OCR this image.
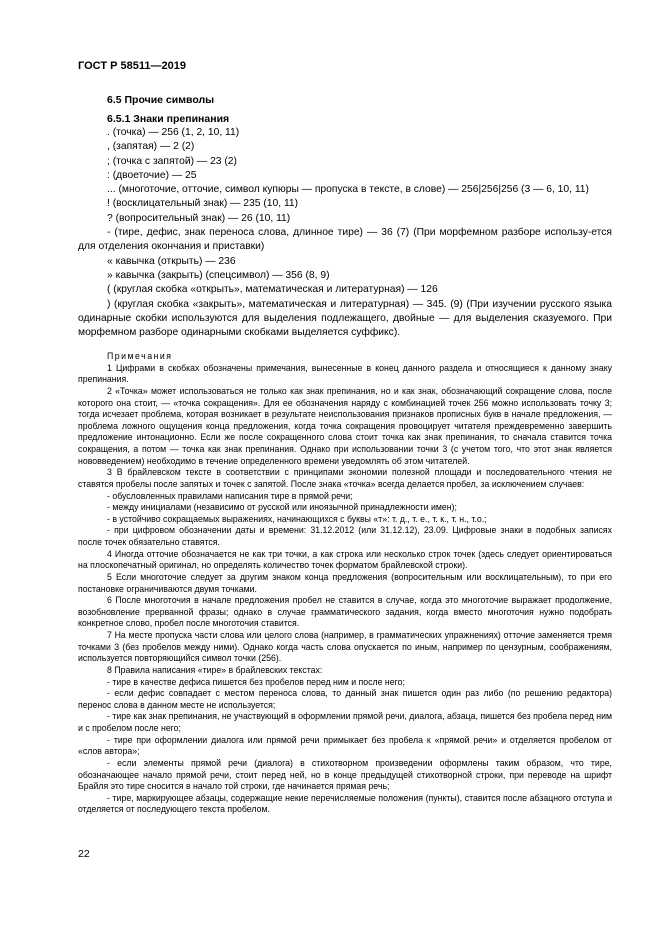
ГОСТ Р 58511—2019
6.5 Прочие символы
6.5.1 Знаки препинания

. (точка) — 256 (1, 2, 10, 11)

, (запятая) — 2 (2)

; (точка с запятой) — 23 (2)

: (двоеточие) — 25

... (многоточие, отточие, символ купюры — пропуска в тексте, в слове) — 256|256|256 (3 — 6, 10, 11)

! (восклицательный знак) — 235 (10, 11)

? (вопросительный знак) — 26 (10, 11)

- (тире, дефис, знак переноса слова, длинное тире) — 36 (7) (При морфемном разборе использу-ется для отделения окончания и приставки)

« кавычка (открыть) — 236

» кавычка (закрыть) (спецсимвол) — 356 (8, 9)

( (круглая скобка «открыть», математическая и литературная) — 126

) (круглая скобка «закрыть», математическая и литературная) — 345. (9) (При изучении русского языка одинарные скобки используются для выделения подлежащего, двойные — для выделения сказуемого. При морфемном разборе одинарными скобками выделяется суффикс).

Примечания

1 Цифрами в скобках обозначены примечания, вынесенные в конец данного раздела и относящиеся к данному знаку препинания.

2 «Точка» может использоваться не только как знак препинания, но и как знак, обозначающий сокращение слова, после которого она стоит, — «точка сокращения». Для ее обозначения наряду с комбинацией точек 256 можно использовать точку 3; тогда исчезает проблема, которая возникает в результате неиспользования признаков прописных букв в начале предложения, — проблема ложного ощущения конца предложения, когда точка сокращения провоцирует читателя преждевременно завершить предложение интонационно. Если же после сокращенного слова стоит точка как знак препинания, то сначала ставится точка сокращения, а потом — точка как знак препинания. Однако при использовании точки 3 (с учетом того, что этот знак является нововведением) необходимо в течение определенного времени уведомлять об этом читателей.

3 В брайлевском тексте в соответствии с принципами экономии полезной площади и последовательного чтения не ставятся пробелы после запятых и точек с запятой. После знака «точка» всегда делается пробел, за исключением случаев:

- обусловленных правилами написания тире в прямой речи;

- между инициалами (независимо от русской или иноязычной принадлежности имен);

- в устойчиво сокращаемых выражениях, начинающихся с буквы «т»: т. д., т. е., т. к., т. н., т.о.;

- при цифровом обозначении даты и времени: 31.12.2012 (или 31.12.12), 23.09. Цифровые знаки в подобных записях после точек обязательно ставятся.

4 Иногда отточие обозначается не как три точки, а как строка или несколько строк точек (здесь следует ориентироваться на плоскопечатный оригинал, но определять количество точек форматом брайлевской строки).

5 Если многоточие следует за другим знаком конца предложения (вопросительным или восклицательным), то при его постановке ограничиваются двумя точками.

6 После многоточия в начале предложения пробел не ставится в случае, когда это многоточие выражает продолжение, возобновление прерванной фразы; однако в случае грамматического задания, когда вместо многоточия нужно подобрать конкретное слово, пробел после многоточия ставится.

7 На месте пропуска части слова или целого слова (например, в грамматических упражнениях) отточие заменяется тремя точками 3 (без пробелов между ними). Однако когда часть слова опускается по иным, например по цензурным, соображениям, используется повторяющийся символ точки (256).

8 Правила написания «тире» в брайлевских текстах:

- тире в качестве дефиса пишется без пробелов перед ним и после него;

- если дефис совпадает с местом переноса слова, то данный знак пишется один раз либо (по решению редактора) перенос слова в данном месте не используется;

- тире как знак препинания, не участвующий в оформлении прямой речи, диалога, абзаца, пишется без пробела перед ним и с пробелом после него;

- тире при оформлении диалога или прямой речи примыкает без пробела к «прямой речи» и отделяется пробелом от «слов автора»;

- если элементы прямой речи (диалога) в стихотворном произведении оформлены таким образом, что тире, обозначающее начало прямой речи, стоит перед ней, но в конце предыдущей стихотворной строки, при переводе на шрифт Брайля это тире сносится в начало той строки, где начинается прямая речь;

- тире, маркирующее абзацы, содержащие некие перечисляемые положения (пункты), ставится после абзацного отступа и отделяется от последующего текста пробелом.

22
